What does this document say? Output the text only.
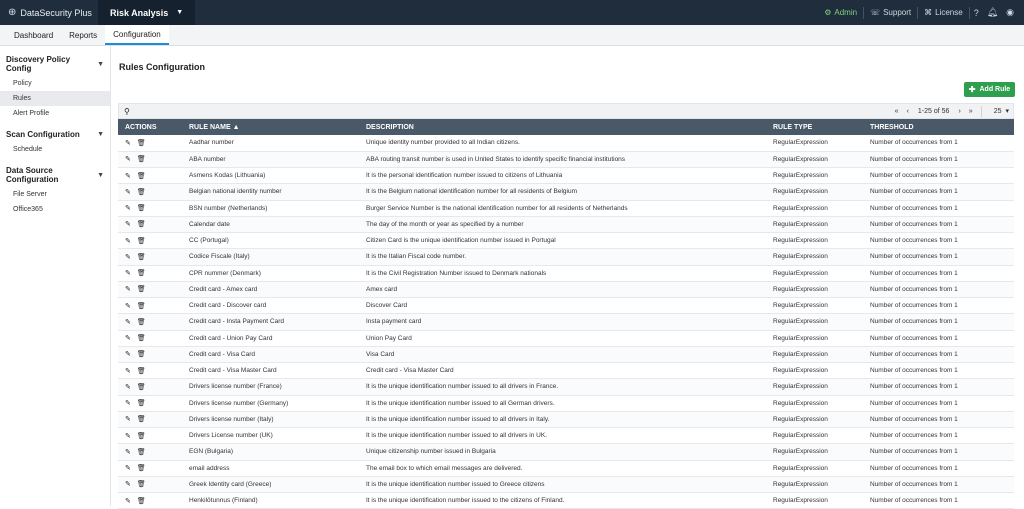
⊕ DataSecurity Plus Risk Analysis ▼	⚙ Admin ☏ Support ⌘ License	? 🔔︎ ◉
Dashboard	Reports	Configuration
Discovery Policy Config	▼
Policy
Rules
Alert Profile
Scan Configuration ▼
Schedule
Data Source Configuration	▼
File Server
Office365
Rules Configuration
✚ Add Rule
⚲	«	‹	1-25 of 56	›	»	25 ▾
ACTIONS	RULE NAME ▲	DESCRIPTION	RULE TYPE	THRESHOLD
✎ 🗑︎	Aadhar number	Unique identity number provided to all Indian citizens.	RegularExpression	Number of occurrences from 1
✎ 🗑︎	ABA number	ABA routing transit number is used in United States to identify specific financial institutions	RegularExpression	Number of occurrences from 1
✎ 🗑︎	Asmens Kodas (Lithuania)	It is the personal identification number issued to citizens of Lithuania	RegularExpression	Number of occurrences from 1
✎ 🗑︎	Belgian national identity number	It is the Belgium national identification number for all residents of Belgium	RegularExpression	Number of occurrences from 1
✎ 🗑︎	BSN number (Netherlands)	Burger Service Number is the national identification number for all residents of Netherlands	RegularExpression	Number of occurrences from 1
✎ 🗑︎	Calendar date	The day of the month or year as specified by a number	RegularExpression	Number of occurrences from 1
✎ 🗑︎	CC (Portugal)	Citizen Card is the unique identification number issued in Portugal	RegularExpression	Number of occurrences from 1
✎ 🗑︎	Codice Fiscale (Italy)	It is the Italian Fiscal code number.	RegularExpression	Number of occurrences from 1
✎ 🗑︎	CPR nummer (Denmark)	It is the Civil Registration Number issued to Denmark nationals	RegularExpression	Number of occurrences from 1
✎ 🗑︎	Credit card - Amex card	Amex card	RegularExpression	Number of occurrences from 1
✎ 🗑︎	Credit card - Discover card	Discover Card	RegularExpression	Number of occurrences from 1
✎ 🗑︎	Credit card - Insta Payment Card	Insta payment card	RegularExpression	Number of occurrences from 1
✎ 🗑︎	Credit card - Union Pay Card	Union Pay Card	RegularExpression	Number of occurrences from 1
✎ 🗑︎	Credit card - Visa Card	Visa Card	RegularExpression	Number of occurrences from 1
✎ 🗑︎	Credit card - Visa Master Card	Credit card - Visa Master Card	RegularExpression	Number of occurrences from 1
✎ 🗑︎	Drivers license number (France)	It is the unique identification number issued to all drivers in France.	RegularExpression	Number of occurrences from 1
✎ 🗑︎	Drivers license number (Germany)	It is the unique identification number issued to all German drivers.	RegularExpression	Number of occurrences from 1
✎ 🗑︎	Drivers license number (Italy)	It is the unique identification number issued to all drivers in Italy.	RegularExpression	Number of occurrences from 1
✎ 🗑︎	Drivers License number (UK)	It is the unique identification number issued to all drivers in UK.	RegularExpression	Number of occurrences from 1
✎ 🗑︎	EGN (Bulgaria)	Unique citizenship number issued in Bulgaria	RegularExpression	Number of occurrences from 1
✎ 🗑︎	email address	The email box to which email messages are delivered.	RegularExpression	Number of occurrences from 1
✎ 🗑︎	Greek Identity card (Greece)	It is the unique identification number issued to Greece citizens	RegularExpression	Number of occurrences from 1
✎ 🗑︎	Henkilötunnus (Finland)	It is the unique identification number issued to the citizens of Finland.	RegularExpression	Number of occurrences from 1
